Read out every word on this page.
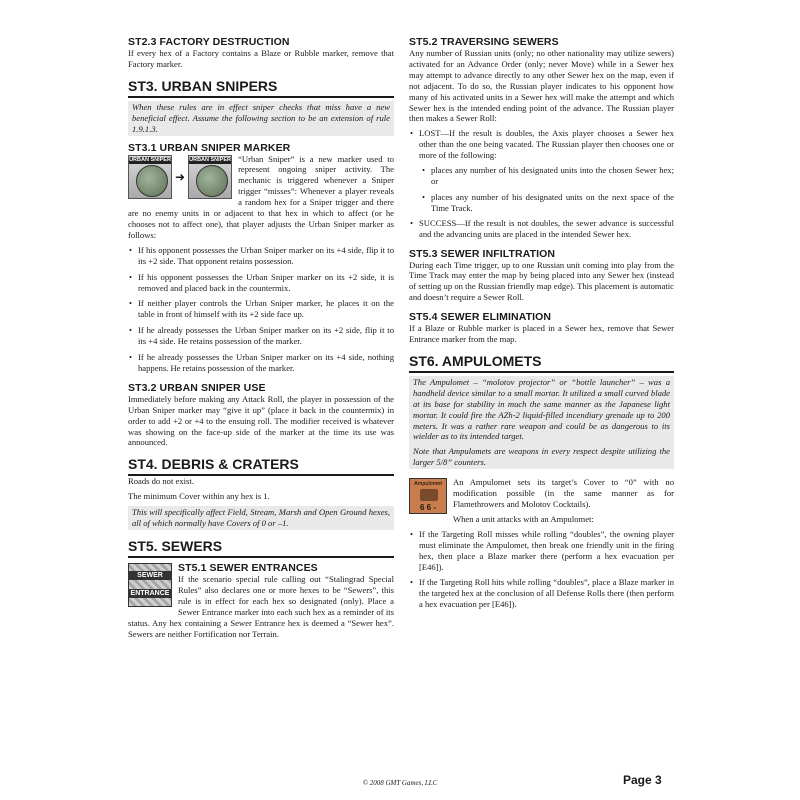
ST2.3 FACTORY DESTRUCTION

If every hex of a Factory contains a Blaze or Rubble marker, remove that Factory marker.

ST3. URBAN SNIPERS

When these rules are in effect sniper checks that miss have a new beneficial effect. Assume the following section to be an extension of rule 1.9.1.3.

ST3.1 URBAN SNIPER MARKER
URBAN SNIPER
➜
URBAN SNIPER “Urban Sniper” is a new marker used to represent ongoing sniper activity. The mechanic is triggered whenever a Sniper trigger “misses”: Whenever a player reveals a random hex for a Sniper trigger and there are no enemy units in or adjacent to that hex in which to affect (or he chooses not to affect one), that player adjusts the Urban Sniper marker as follows:

• If his opponent possesses the Urban Sniper marker on its +4 side, flip it to its +2 side. That opponent retains possession.
• If his opponent possesses the Urban Sniper marker on its +2 side, it is removed and placed back in the countermix.
• If neither player controls the Urban Sniper marker, he places it on the table in front of himself with its +2 side face up.
• If he already possesses the Urban Sniper marker on its +2 side, flip it to its +4 side. He retains possession of the marker.
• If he already possesses the Urban Sniper marker on its +4 side, nothing happens. He retains possession of the marker.
ST3.2 URBAN SNIPER USE

Immediately before making any Attack Roll, the player in possession of the Urban Sniper marker may “give it up” (place it back in the countermix) in order to add +2 or +4 to the ensuing roll. The modifier received is whatever was showing on the face-up side of the marker at the time its use was announced.

ST4. DEBRIS & CRATERS

Roads do not exist.

The minimum Cover within any hex is 1.

This will specifically affect Field, Stream, Marsh and Open Ground hexes, all of which normally have Covers of 0 or –1.

ST5. SEWERS
SEWER
ENTRANCE
ST5.1 SEWER ENTRANCES

If the scenario special rule calling out “Stalingrad Special Rules” also declares one or more hexes to be “Sewers”, this rule is in effect for each hex so designated (only). Place a Sewer Entrance marker into each such hex as a reminder of its status. Any hex containing a Sewer Entrance hex is deemed a “Sewer hex”. Sewers are neither Fortification nor Terrain.

ST5.2 TRAVERSING SEWERS

Any number of Russian units (only; no other nationality may utilize sewers) activated for an Advance Order (only; never Move) while in a Sewer hex may attempt to advance directly to any other Sewer hex on the map, even if not adjacent. To do so, the Russian player indicates to his opponent how many of his activated units in a Sewer hex will make the attempt and which Sewer hex is the intended ending point of the advance. The Russian player then makes a Sewer Roll:

• LOST—If the result is doubles, the Axis player chooses a Sewer hex other than the one being vacated. The Russian player then chooses one or more of the following:
• places any number of his designated units into the chosen Sewer hex; or
• places any number of his designated units on the next space of the Time Track.
• SUCCESS—If the result is not doubles, the sewer advance is successful and the advancing units are placed in the intended Sewer hex.
ST5.3 SEWER INFILTRATION

During each Time trigger, up to one Russian unit coming into play from the Time Track may enter the map by being placed into any Sewer hex (instead of setting up on the Russian friendly map edge). This placement is automatic and doesn’t require a Sewer Roll.

ST5.4 SEWER ELIMINATION

If a Blaze or Rubble marker is placed in a Sewer hex, remove that Sewer Entrance marker from the map.

ST6. AMPULOMETS

The Ampulomet – “molotov projector” or “bottle launcher” – was a handheld device similar to a small mortar. It utilized a small curved blade at its base for stability in much the same manner as the Japanese light mortar. It could fire the AZh-2 liquid-filled incendiary grenade up to 200 meters. It was a rather rare weapon and could be as dangerous to its wielder as to its intended target.

Note that Ampulomets are weapons in every respect despite utilizing the larger 5/8” counters.

Ampulomet
6 6 -

An Ampulomet sets its target’s Cover to “0” with no modification possible (in the same manner as for Flamethrowers and Molotov Cocktails).

When a unit attacks with an Ampulomet:

• If the Targeting Roll misses while rolling “doubles”, the owning player must eliminate the Ampulomet, then break one friendly unit in the firing hex, then place a Blaze marker there (perform a hex evacuation per [E46]).
• If the Targeting Roll hits while rolling “doubles”, place a Blaze marker in the targeted hex at the conclusion of all Defense Rolls there (then perform a hex evacuation per [E46]).
© 2008 GMT Games, LLC	Page 3
